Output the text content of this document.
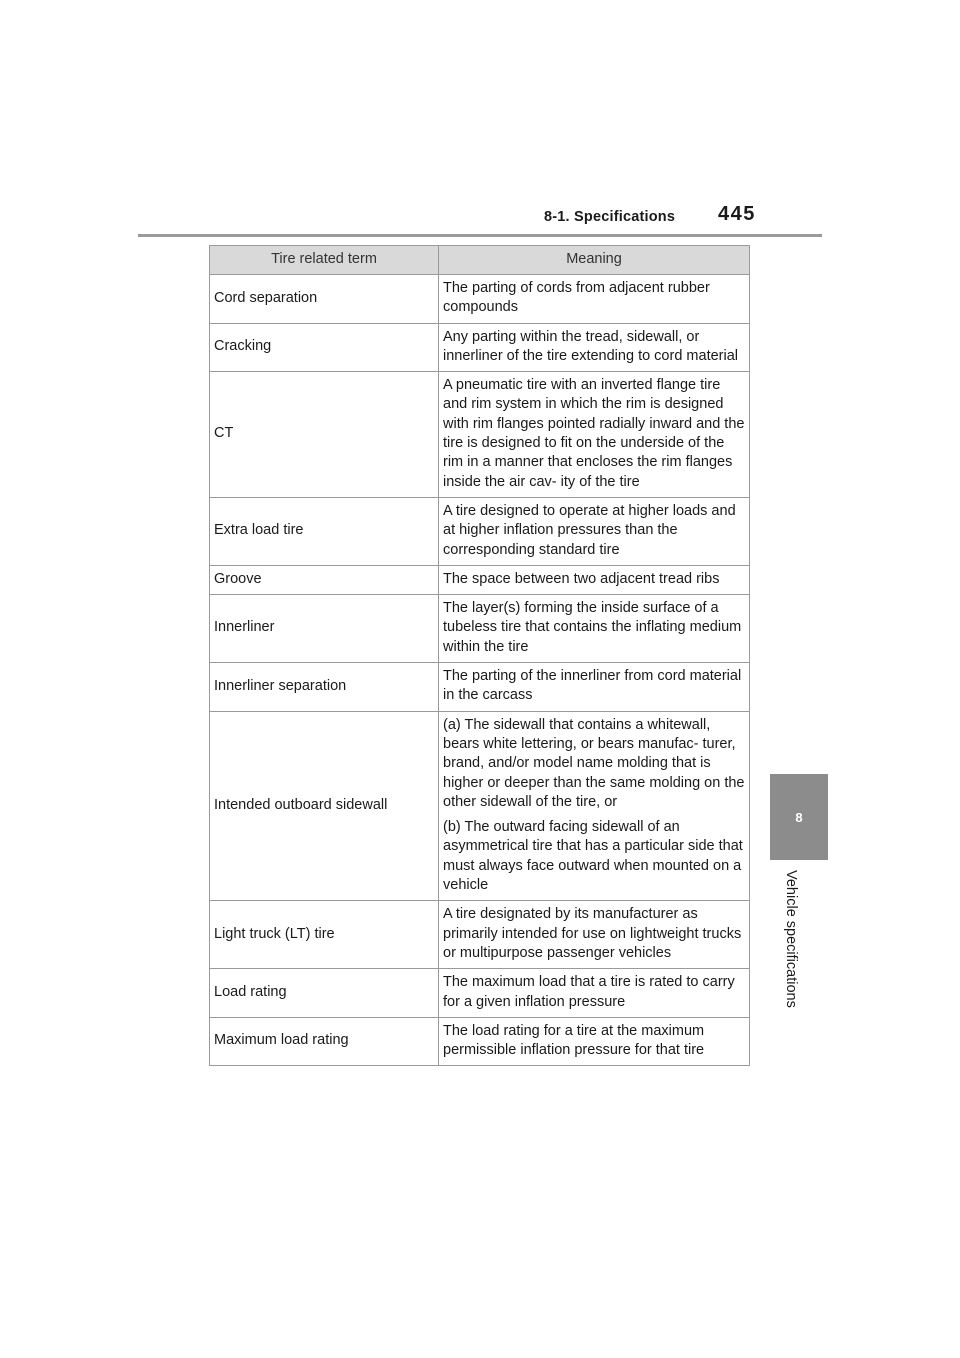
8-1. Specifications 445
8
Vehicle specifications
Tire related term	Meaning
Cord separation	The parting of cords from adjacent rubber compounds

Cracking	Any parting within the tread, sidewall, or innerliner of the tire extending to cord material

CT	A pneumatic tire with an inverted flange tire and rim system in which the rim is designed with rim flanges pointed radially inward and the tire is designed to fit on the underside of the rim in a manner that encloses the rim flanges inside the air cav- ity of the tire

Extra load tire	A tire designed to operate at higher loads and at higher inflation pressures than the corresponding standard tire

Groove	The space between two adjacent tread ribs

Innerliner	The layer(s) forming the inside surface of a tubeless tire that contains the inflating medium within the tire

Innerliner separation	The parting of the innerliner from cord material in the carcass

Intended outboard sidewall	(a) The sidewall that contains a whitewall, bears white lettering, or bears manufac- turer, brand, and/or model name molding that is higher or deeper than the same molding on the other sidewall of the tire, or

(b) The outward facing sidewall of an asymmetrical tire that has a particular side that must always face outward when mounted on a vehicle

Light truck (LT) tire	A tire designated by its manufacturer as primarily intended for use on lightweight trucks or multipurpose passenger vehicles

Load rating	The maximum load that a tire is rated to carry for a given inflation pressure

Maximum load rating	The load rating for a tire at the maximum permissible inflation pressure for that tire
